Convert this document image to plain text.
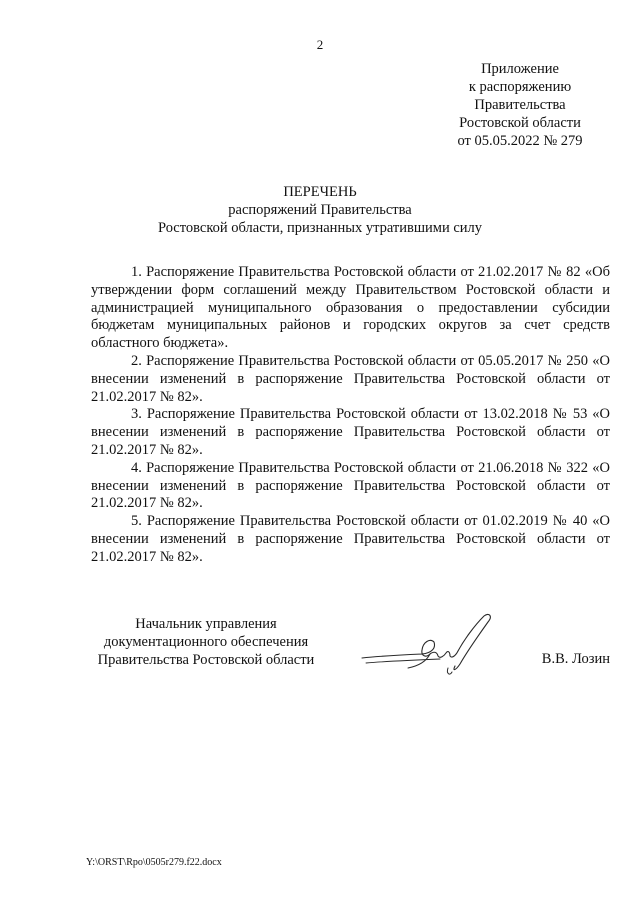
2
Приложение
к распоряжению
Правительства
Ростовской области
от 05.05.2022 № 279
ПЕРЕЧЕНЬ
распоряжений Правительства
Ростовской области, признанных утратившими силу

1. Распоряжение Правительства Ростовской области от 21.02.2017 № 82 «Об утверждении форм соглашений между Правительством Ростовской области и администрацией муниципального образования о предоставлении субсидии бюджетам муниципальных районов и городских округов за счет средств областного бюджета».

2. Распоряжение Правительства Ростовской области от 05.05.2017 № 250 «О внесении изменений в распоряжение Правительства Ростовской области от 21.02.2017 № 82».

3. Распоряжение Правительства Ростовской области от 13.02.2018 № 53 «О внесении изменений в распоряжение Правительства Ростовской области от 21.02.2017 № 82».

4. Распоряжение Правительства Ростовской области от 21.06.2018 № 322 «О внесении изменений в распоряжение Правительства Ростовской области от 21.02.2017 № 82».

5. Распоряжение Правительства Ростовской области от 01.02.2019 № 40 «О внесении изменений в распоряжение Правительства Ростовской области от 21.02.2017 № 82».

Начальник управления
документационного обеспечения
Правительства Ростовской области	В.В. Лозин
Y:\ORST\Rpo\0505r279.f22.docx
